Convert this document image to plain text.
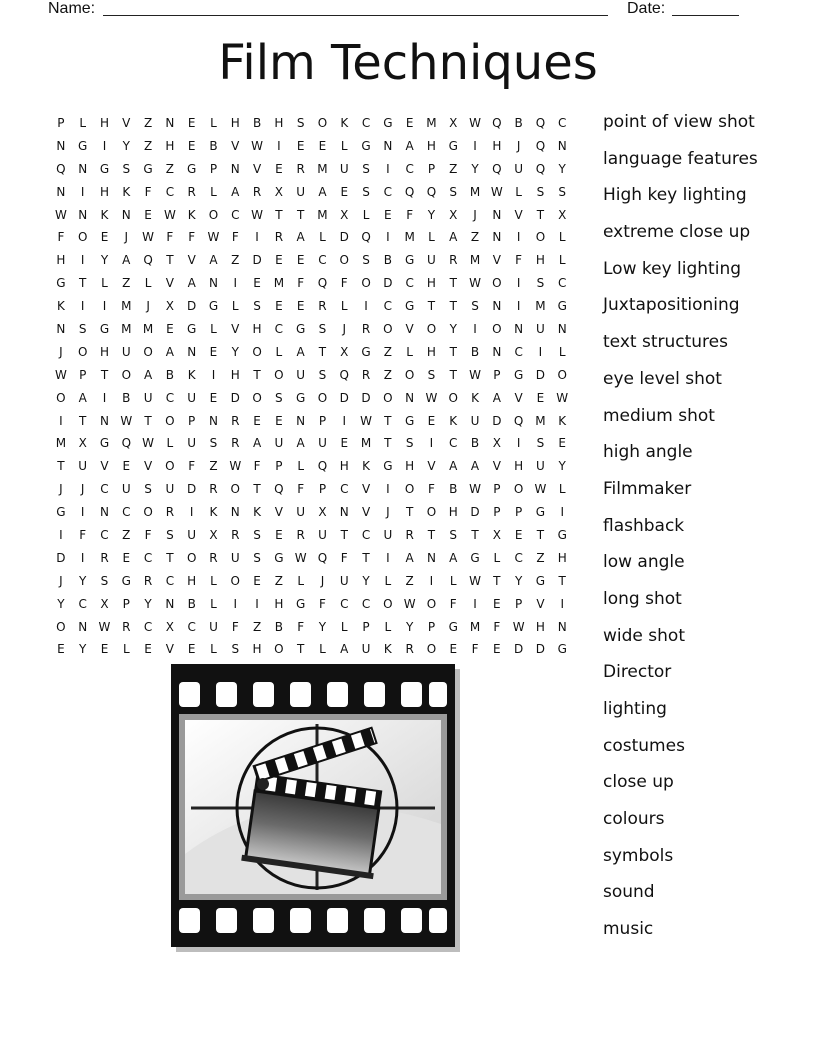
Name:	Date:
Film Techniques
P	L	H	V	Z	N	E	L	H	B	H	S	O	K	C	G	E	M	X W Q	B	Q	C
N	G	I	Y	Z	H	E	B	V W	I	E	E	L	G	N	A	H	G	I	H	J	Q	N
Q	N	G	S	G	Z	G	P	N	V	E	R	M	U	S	I	C	P	Z	Y	Q	U	Q	Y
N	I	H	K	F	C	R	L	A	R	X	U	A	E	S	C	Q	Q	S	M W	L	S	S
W N	K	N	E	W K	O	C W	T	T	M	X	L	E	F	Y	X	J	N	V	T	X
F	O	E	J	W	F	F	W	F	I	R	A	L	D	Q	I	M	L	A	Z	N	I	O	L
H	I	Y	A	Q	T	V	A	Z	D	E	E	C	O	S	B	G	U	R	M	V	F	H	L
G	T	L	Z	L	V	A	N	I	E	M	F	Q	F	O	D	C	H	T	W O	I	S	C
K	I	I	M	J	X	D	G	L	S	E	E	R	L	I	C	G	T	T	S	N	I	M G
N	S	G M M	E	G	L	V	H	C	G	S	J	R	O	V	O	Y	I	O	N	U	N
J	O	H	U	O	A	N	E	Y	O	L	A	T	X	G	Z	L	H	T	B	N	C	I	L
W	P	T	O	A	B	K	I	H	T	O	U	S	Q	R	Z	O	S	T	W	P	G	D	O
O	A	I	B	U	C	U	E	D	O	S	G	O	D	D	O	N W O	K	A	V	E	W
I	T	N W	T	O	P	N	R	E	E	N	P	I	W	T	G	E	K	U	D	Q M	K
M	X	G	Q W	L	U	S	R	A	U	A	U	E	M	T	S	I	C	B	X	I	S	E
T	U	V	E	V	O	F	Z W	F	P	L	Q	H	K	G	H	V	A	A	V	H	U	Y
J	J	C	U	S	U	D	R	O	T	Q	F	P	C	V	I	O	F	B W	P	O W	L
G	I	N	C	O	R	I	K	N	K	V	U	X	N	V	J	T	O	H	D	P	P	G	I
I	F	C	Z	F	S	U	X	R	S	E	R	U	T	C	U	R	T	S	T	X	E	T	G
D	I	R	E	C	T	O	R	U	S	G W Q	F	T	I	A	N	A	G	L	C	Z	H
J	Y	S	G	R	C	H	L	O	E	Z	L	J	U	Y	L	Z	I	L	W	T	Y	G	T
Y	C	X	P	Y	N	B	L	I	I	H	G	F	C	C	O W O	F	I	E	P	V	I
O	N W R	C	X	C	U	F	Z	B	F	Y	L	P	L	Y	P	G M	F	W H	N
E	Y	E	L	E	V	E	L	S	H	O	T	L	A	U	K	R	O	E	F	E	D	D	G
point of view shot
language features
High key lighting
extreme close up
Low key lighting
Juxtapositioning
text structures
eye level shot
medium shot
high angle
Filmmaker
flashback
low angle
long shot
wide shot
Director
lighting
costumes
close up
colours
symbols
sound
music
